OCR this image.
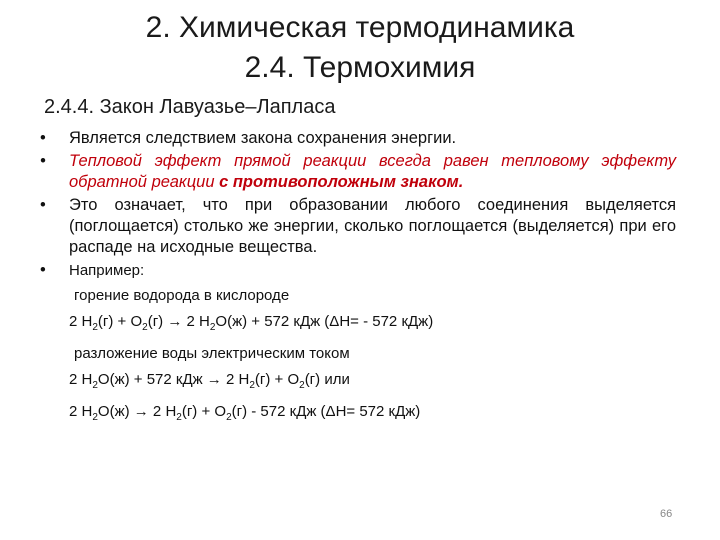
2. Химическая термодинамика
2.4. Термохимия
2.4.4. Закон Лавуазье–Лапласа
•	Является следствием закона сохранения энергии.
•	Тепловой эффект прямой реакции всегда равен тепловому эффекту обратной реакции с противоположным знаком.
•	Это означает, что при образовании любого соединения выделяется (поглощается) столько же энергии, сколько поглощается (выделяется) при его распаде на исходные вещества.
•	Например:
горение водорода в кислороде
2 $H_2(г) + O_2(г) \to 2$ $H_2O(ж) + 572$ кДж (ΔH= - 572 кДж)
разложение воды электрическим током
2 $H_2O(ж) + 572$ кДж → 2 $H_2(г) + O_2(г)$ или
2 $H_2O(ж) \to 2$ $H_2(г) + O_2(г) - 572$ кДж (ΔH= 572 кДж)
66
